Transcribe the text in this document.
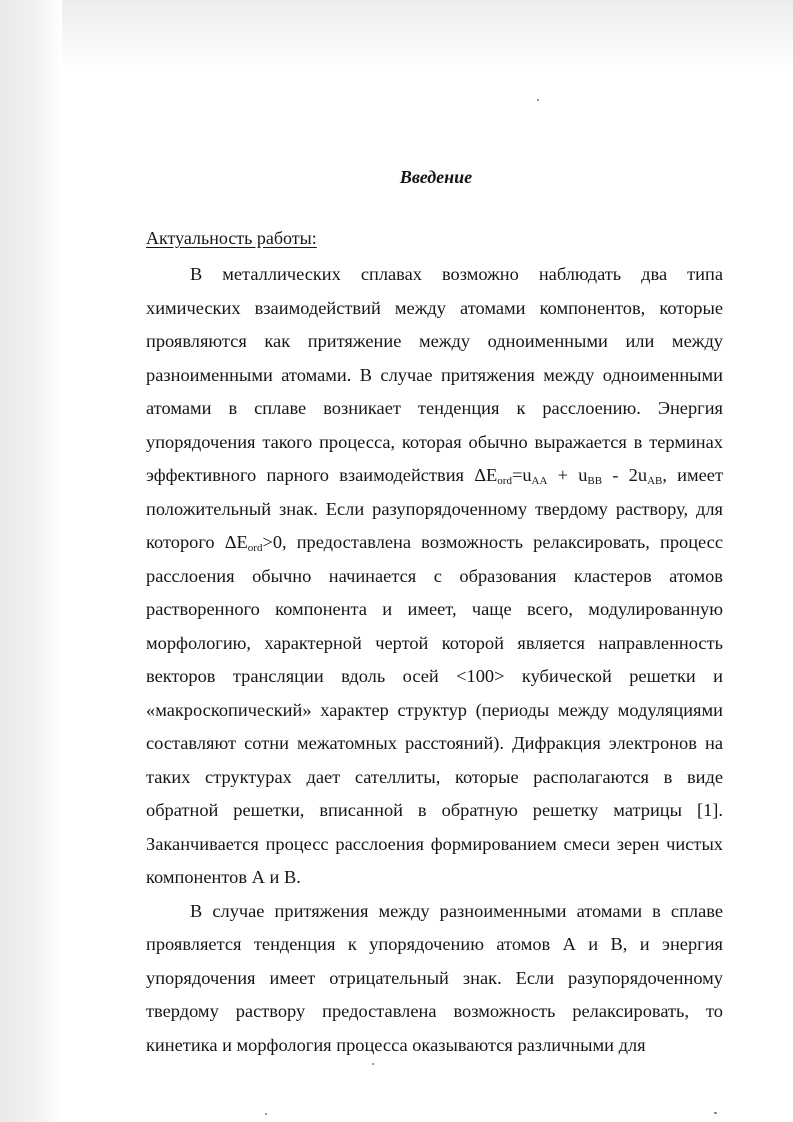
Введение
Актуальность работы:

В металлических сплавах возможно наблюдать два типа химических взаимодействий между атомами компонентов, которые проявляются как притяжение между одноименными или между разноименными атомами. В случае притяжения между одноименными атомами в сплаве возникает тенденция к расслоению. Энергия упорядочения такого процесса, которая обычно выражается в терминах эффективного парного взаимодействия $\Delta E_{ord}=u_{AA} + u_{BB} - 2u_{AB}$, имеет положительный знак. Если разупорядоченному твердому раствору, для которого $\Delta E_{ord}>0$, предоставлена возможность релаксировать, процесс расслоения обычно начинается с образования кластеров атомов растворенного компонента и имеет, чаще всего, модулированную морфологию, характерной чертой которой является направленность векторов трансляции вдоль осей <100> кубической решетки и «макроскопический» характер структур (периоды между модуляциями составляют сотни межатомных расстояний). Дифракция электронов на таких структурах дает сателлиты, которые располагаются в виде обратной решетки, вписанной в обратную решетку матрицы [1]. Заканчивается процесс расслоения формированием смеси зерен чистых компонентов А и В.

В случае притяжения между разноименными атомами в сплаве проявляется тенденция к упорядочению атомов А и В, и энергия упорядочения имеет отрицательный знак. Если разупорядоченному твердому раствору предоставлена возможность релаксировать, то кинетика и морфология процесса оказываются различными для
